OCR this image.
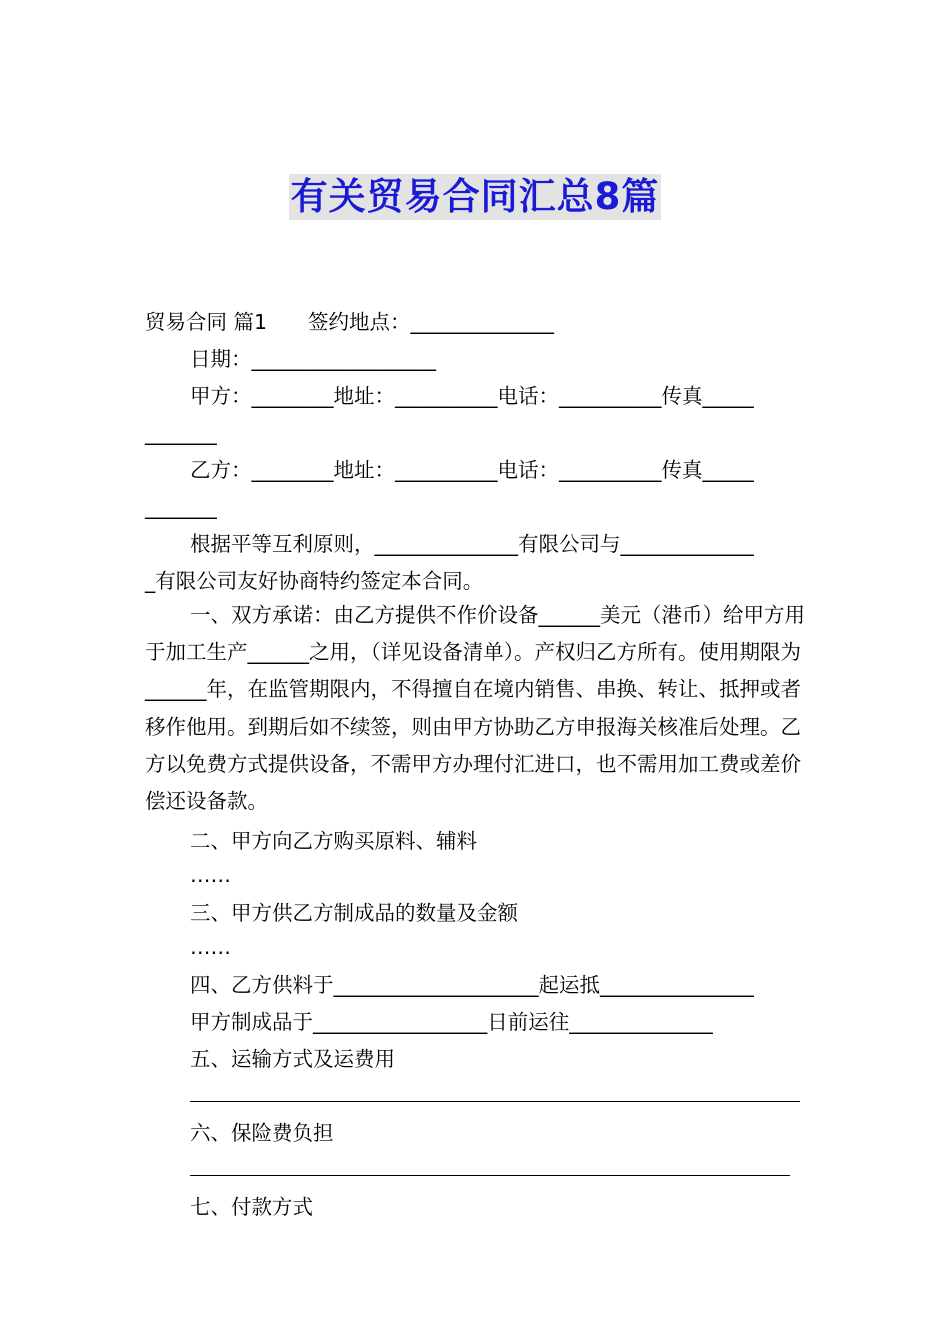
有关贸易合同汇总8篇
贸易合同 篇1　　签约地点：______________
日期：__________________
甲方：________地址：__________电话：__________传真_____
_______
乙方：________地址：__________电话：__________传真_____
_______
根据平等互利原则，______________有限公司与_____________
_有限公司友好协商特约签定本合同。
一、双方承诺：由乙方提供不作价设备______美元（港币）给甲方用于加工生产______之用，（详见设备清单）。产权归乙方所有。使用期限为______年，在监管期限内，不得擅自在境内销售、串换、转让、抵押或者移作他用。到期后如不续签，则由甲方协助乙方申报海关核准后处理。乙方以免费方式提供设备，不需甲方办理付汇进口，也不需用加工费或差价偿还设备款。
二、甲方向乙方购买原料、辅料
……
三、甲方供乙方制成品的数量及金额
……
四、乙方供料于____________________起运抵_______________
甲方制成品于_________________日前运往______________
五、运输方式及运费用
六、保险费负担
七、付款方式
